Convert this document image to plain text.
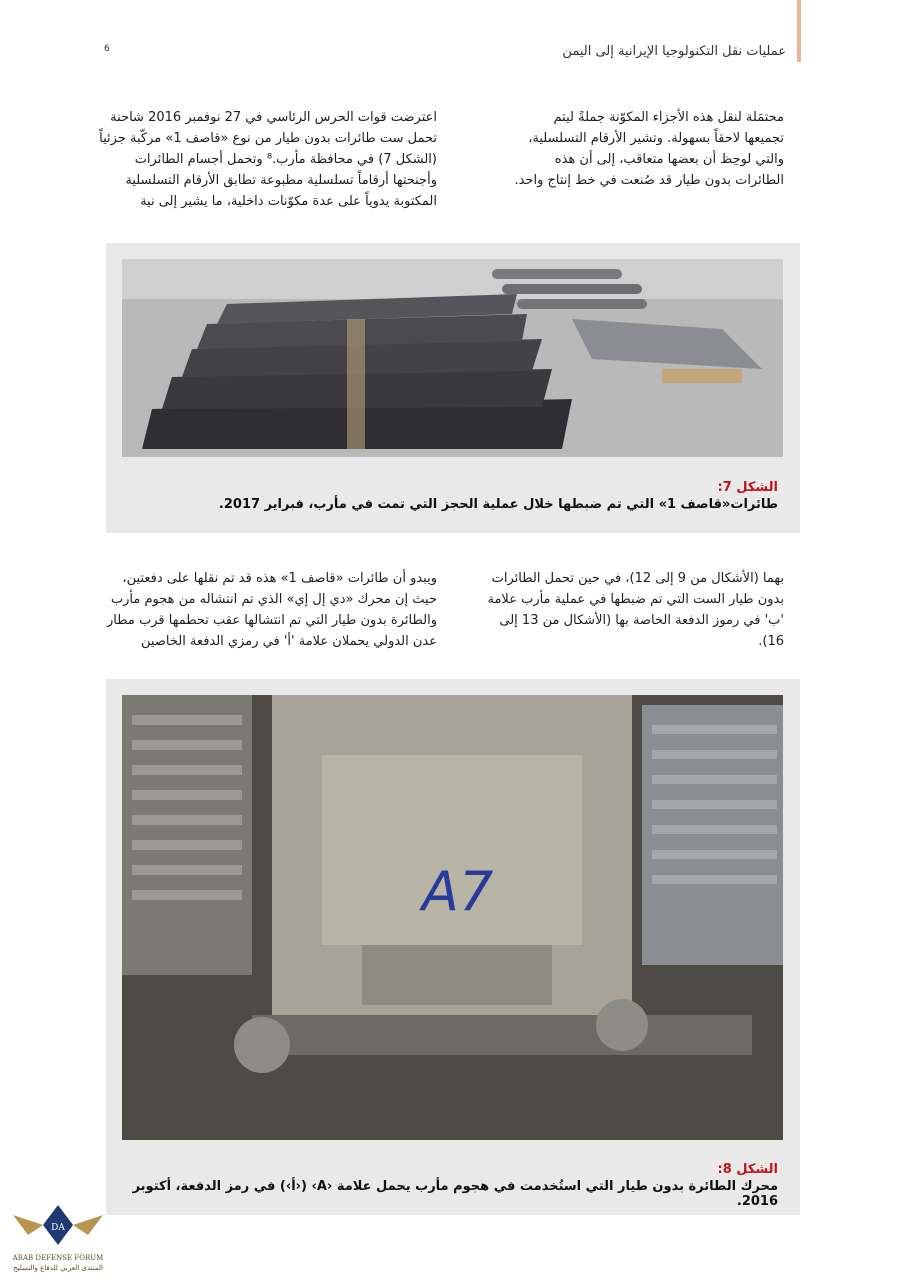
6	عمليات نقل التكنولوجيا الإيرانية إلى اليمن
محتمَلة لنقل هذه الأجزاء المكوّنة جملةً ليتم تجميعها لاحقاً بسهولة. وتشير الأرقام التسلسلية، والتي لوحِظ أن بعضها متعاقب، إلى أن هذه الطائرات بدون طيار قد صُنعت في خط إنتاج واحد.
اعترضت قوات الحرس الرئاسي في 27 نوفمبر 2016 شاحنة تحمل ست طائرات بدون طيار من نوع «قاصف 1» مركّبة جزئياً (الشكل 7) في محافظة مأرب.⁸ وتحمل أجسام الطائرات وأجنحتها أرقاماً تسلسلية مطبوعة تطابق الأرقام التسلسلية المكتوبة يدوياً على عدة مكوّنات داخلية، ما يشير إلى نية
الشكل 7:
طائرات«قاصف 1» التي تم ضبطها خلال عملية الحجز التي تمت في مأرب، فبراير 2017.
بهما (الأشكال من 9 إلى 12)، في حين تحمل الطائرات بدون طيار الست التي تم ضبطها في عملية مأرب علامة 'ب' في رموز الدفعة الخاصة بها (الأشكال من 13 إلى 16).
ويبدو أن طائرات «قاصف 1» هذه قد تم نقلها على دفعتين، حيث إن محرك «دي إل إي» الذي تم انتشاله من هجوم مأرب والطائرة بدون طيار التي تم انتشالها عقب تحطمها قرب مطار عدن الدولي يحملان علامة 'أ' في رمزي الدفعة الخاصين
A7
الشكل 8:
محرك الطائرة بدون طيار التي استُخدمت في هجوم مأرب يحمل علامة ‹A› (‹أ›) في رمز الدفعة، أكتوبر 2016.
DA
ARAB DEFENSE FORUM
المنتدى العربي للدفاع والتسليح
